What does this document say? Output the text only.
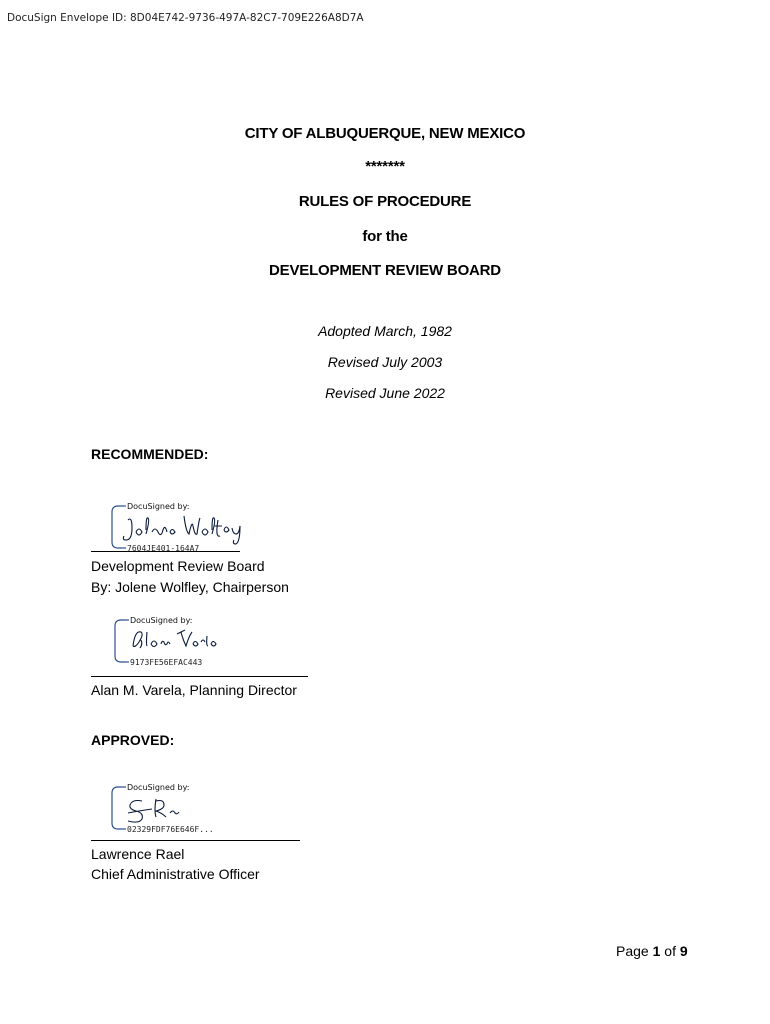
DocuSign Envelope ID: 8D04E742-9736-497A-82C7-709E226A8D7A
CITY OF ALBUQUERQUE, NEW MEXICO
*******
RULES OF PROCEDURE
for the
DEVELOPMENT REVIEW BOARD
Adopted March, 1982
Revised July 2003
Revised June 2022
RECOMMENDED:
DocuSigned by:
7604JE401-164A7
Development Review Board
By: Jolene Wolfley, Chairperson
DocuSigned by:
9173FE56EFAC443
Alan M. Varela, Planning Director
APPROVED:
DocuSigned by:
02329FDF76E646F...
Lawrence Rael
Chief Administrative Officer
Page 1 of 9
